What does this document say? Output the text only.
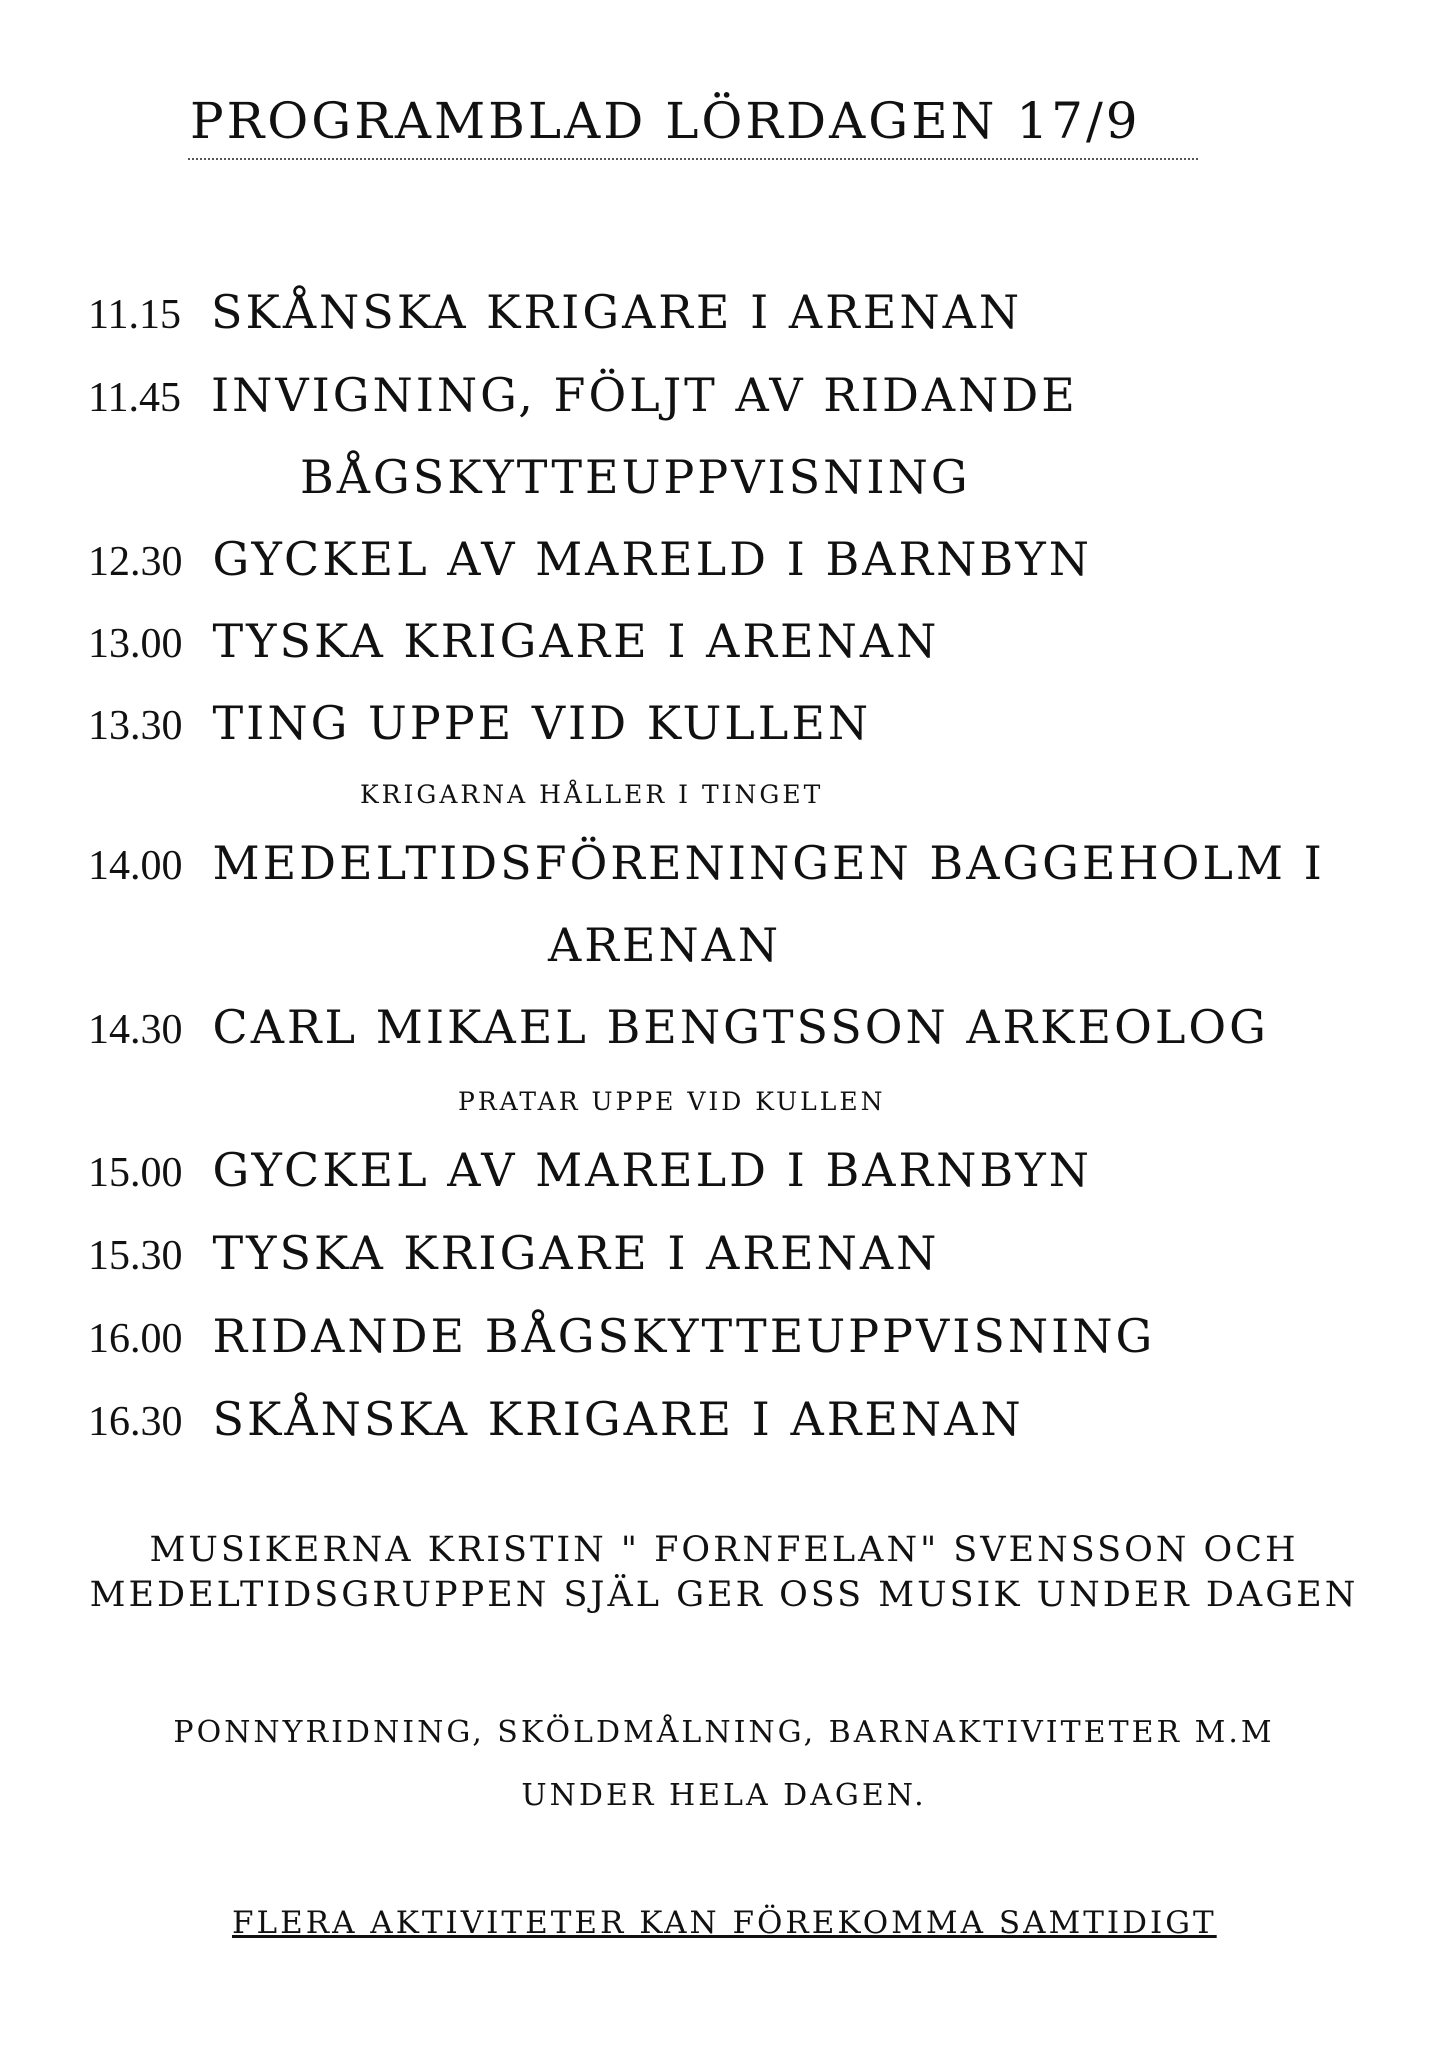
PROGRAMBLAD LÖRDAGEN 17/9
11.15 SKÅNSKA KRIGARE I ARENAN
11.45 INVIGNING, FÖLJT AV RIDANDE
BÅGSKYTTEUPPVISNING
12.30 GYCKEL AV MARELD I BARNBYN
13.00 TYSKA KRIGARE I ARENAN
13.30 TING UPPE VID KULLEN
KRIGARNA HÅLLER I TINGET
14.00 MEDELTIDSFÖRENINGEN BAGGEHOLM I
ARENAN
14.30 CARL MIKAEL BENGTSSON ARKEOLOG
PRATAR UPPE VID KULLEN
15.00 GYCKEL AV MARELD I BARNBYN
15.30 TYSKA KRIGARE I ARENAN
16.00 RIDANDE BÅGSKYTTEUPPVISNING
16.30 SKÅNSKA KRIGARE I ARENAN
MUSIKERNA KRISTIN " FORNFELAN" SVENSSON OCH
MEDELTIDSGRUPPEN SJÄL GER OSS MUSIK UNDER DAGEN
PONNYRIDNING, SKÖLDMÅLNING, BARNAKTIVITETER M.M
UNDER HELA DAGEN.
FLERA AKTIVITETER KAN FÖREKOMMA SAMTIDIGT
